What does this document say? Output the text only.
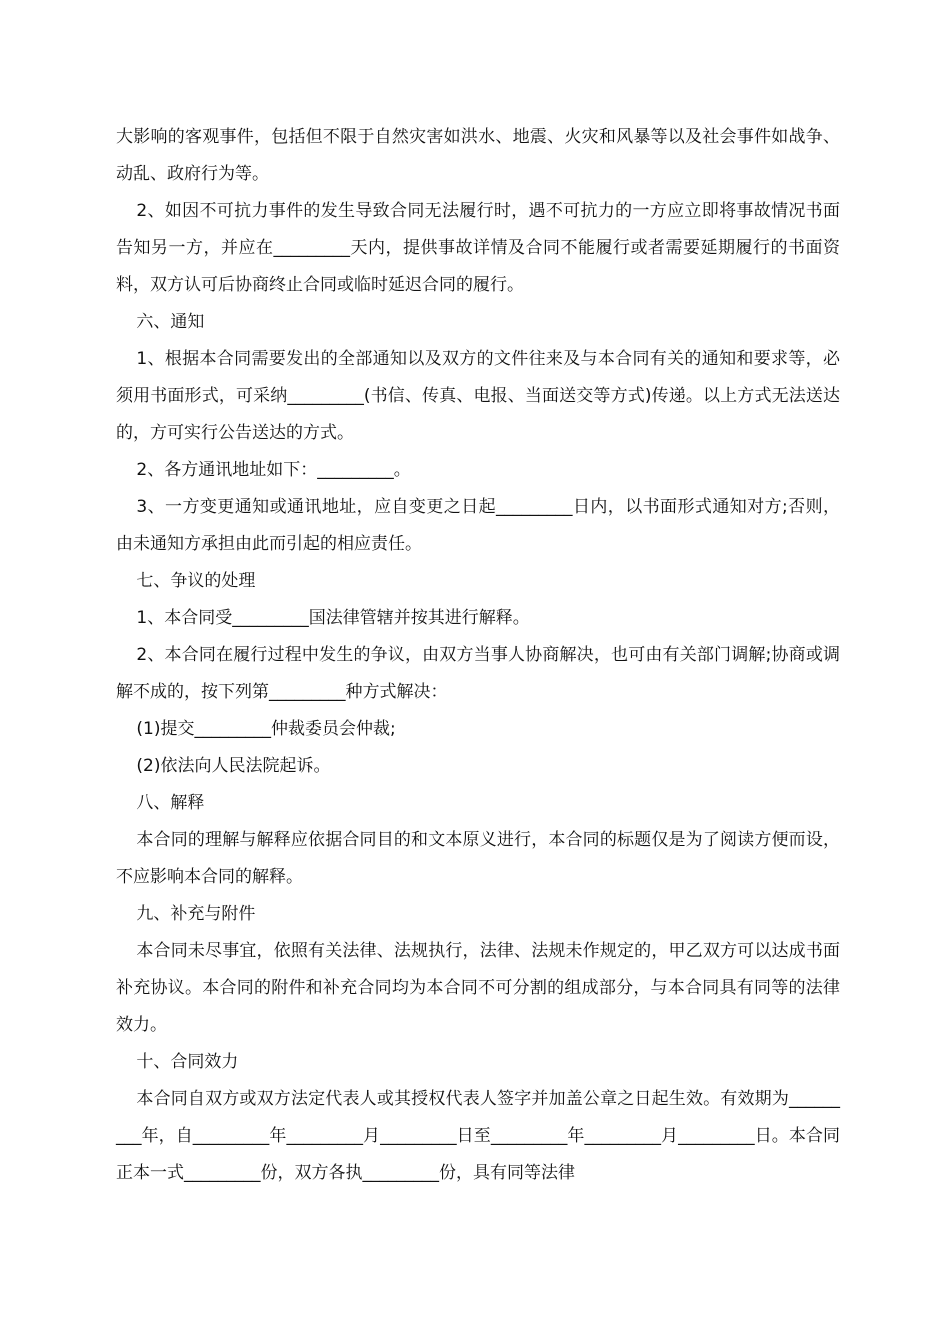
大影响的客观事件，包括但不限于自然灾害如洪水、地震、火灾和风暴等以及社会事件如战争、动乱、政府行为等。

2、如因不可抗力事件的发生导致合同无法履行时，遇不可抗力的一方应立即将事故情况书面告知另一方，并应在_________天内，提供事故详情及合同不能履行或者需要延期履行的书面资料，双方认可后协商终止合同或临时延迟合同的履行。

六、通知

1、根据本合同需要发出的全部通知以及双方的文件往来及与本合同有关的通知和要求等，必须用书面形式，可采纳_________(书信、传真、电报、当面送交等方式)传递。以上方式无法送达的，方可实行公告送达的方式。

2、各方通讯地址如下：_________。

3、一方变更通知或通讯地址，应自变更之日起_________日内，以书面形式通知对方;否则，由未通知方承担由此而引起的相应责任。

七、争议的处理

1、本合同受_________国法律管辖并按其进行解释。

2、本合同在履行过程中发生的争议，由双方当事人协商解决，也可由有关部门调解;协商或调解不成的，按下列第_________种方式解决：

(1)提交_________仲裁委员会仲裁;

(2)依法向人民法院起诉。

八、解释

本合同的理解与解释应依据合同目的和文本原义进行，本合同的标题仅是为了阅读方便而设，不应影响本合同的解释。

九、补充与附件

本合同未尽事宜，依照有关法律、法规执行，法律、法规未作规定的，甲乙双方可以达成书面补充协议。本合同的附件和补充合同均为本合同不可分割的组成部分，与本合同具有同等的法律效力。

十、合同效力

本合同自双方或双方法定代表人或其授权代表人签字并加盖公章之日起生效。有效期为_________年，自_________年_________月_________日至_________年_________月_________日。本合同正本一式_________份，双方各执_________份，具有同等法律
